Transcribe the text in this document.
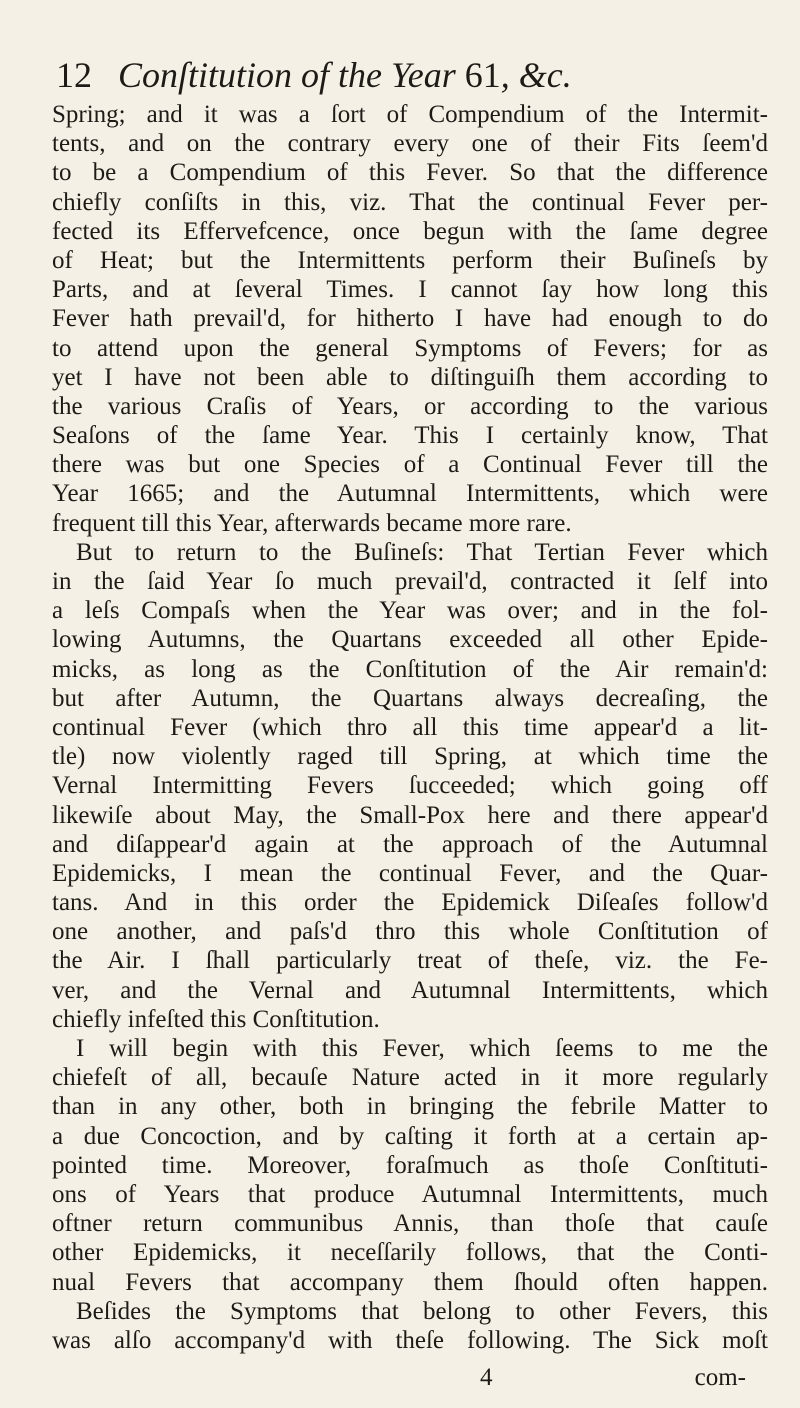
12 Conſtitution of the Year 61, &c.
Spring; and it was a ſort of Compendium of the Intermit-
tents, and on the contrary every one of their Fits ſeem'd
to be a Compendium of this Fever. So that the difference
chiefly conſiſts in this, viz. That the continual Fever per-
fected its Effervefcence, once begun with the ſame degree
of Heat; but the Intermittents perform their Buſineſs by
Parts, and at ſeveral Times. I cannot ſay how long this
Fever hath prevail'd, for hitherto I have had enough to do
to attend upon the general Symptoms of Fevers; for as
yet I have not been able to diſtinguiſh them according to
the various Craſis of Years, or according to the various
Seaſons of the ſame Year. This I certainly know, That
there was but one Species of a Continual Fever till the
Year 1665; and the Autumnal Intermittents, which were
frequent till this Year, afterwards became more rare.
But to return to the Buſineſs: That Tertian Fever which
in the ſaid Year ſo much prevail'd, contracted it ſelf into
a leſs Compaſs when the Year was over; and in the fol-
lowing Autumns, the Quartans exceeded all other Epide-
micks, as long as the Conſtitution of the Air remain'd:
but after Autumn, the Quartans always decreaſing, the
continual Fever (which thro all this time appear'd a lit-
tle) now violently raged till Spring, at which time the
Vernal Intermitting Fevers ſucceeded; which going off
likewiſe about May, the Small-Pox here and there appear'd
and diſappear'd again at the approach of the Autumnal
Epidemicks, I mean the continual Fever, and the Quar-
tans. And in this order the Epidemick Diſeaſes follow'd
one another, and paſs'd thro this whole Conſtitution of
the Air. I ſhall particularly treat of theſe, viz. the Fe-
ver, and the Vernal and Autumnal Intermittents, which
chiefly infeſted this Conſtitution.
I will begin with this Fever, which ſeems to me the
chiefeſt of all, becauſe Nature acted in it more regularly
than in any other, both in bringing the febrile Matter to
a due Concoction, and by caſting it forth at a certain ap-
pointed time. Moreover, foraſmuch as thoſe Conſtituti-
ons of Years that produce Autumnal Intermittents, much
oftner return communibus Annis, than thoſe that cauſe
other Epidemicks, it neceſſarily follows, that the Conti-
nual Fevers that accompany them ſhould often happen.
Beſides the Symptoms that belong to other Fevers, this
was alſo accompany'd with theſe following. The Sick moſt
4	com-
